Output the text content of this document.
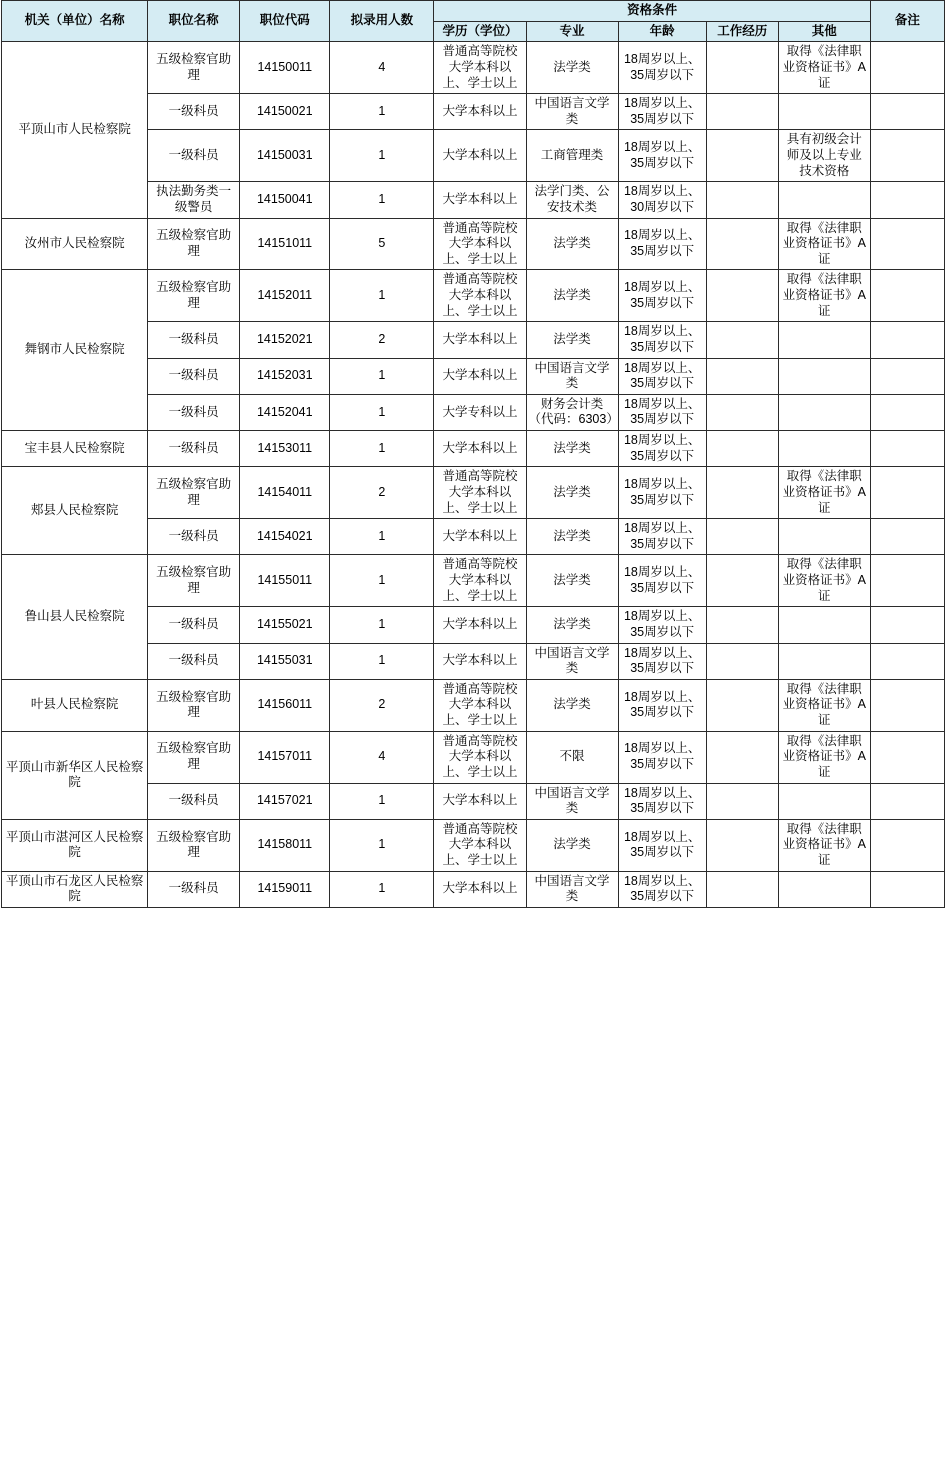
机关（单位）名称	职位名称	职位代码	拟录用人数	资格条件					备注
				学历（学位）	专业	年龄	工作经历	其他	
平顶山市人民检察院	五级检察官助理	14150011	4	普通高等院校大学本科以上、学士以上	法学类	18周岁以上、35周岁以下		取得《法律职业资格证书》A证	
	一级科员	14150021	1	大学本科以上	中国语言文学类	18周岁以上、35周岁以下			
	一级科员	14150031	1	大学本科以上	工商管理类	18周岁以上、35周岁以下		具有初级会计师及以上专业技术资格	
	执法勤务类一级警员	14150041	1	大学本科以上	法学门类、公安技术类	18周岁以上、30周岁以下			
汝州市人民检察院	五级检察官助理	14151011	5	普通高等院校大学本科以上、学士以上	法学类	18周岁以上、35周岁以下		取得《法律职业资格证书》A证	
舞钢市人民检察院	五级检察官助理	14152011	1	普通高等院校大学本科以上、学士以上	法学类	18周岁以上、35周岁以下		取得《法律职业资格证书》A证	
	一级科员	14152021	2	大学本科以上	法学类	18周岁以上、35周岁以下			
	一级科员	14152031	1	大学本科以上	中国语言文学类	18周岁以上、35周岁以下			
	一级科员	14152041	1	大学专科以上	财务会计类（代码：6303）	18周岁以上、35周岁以下			
宝丰县人民检察院	一级科员	14153011	1	大学本科以上	法学类	18周岁以上、35周岁以下			
郏县人民检察院	五级检察官助理	14154011	2	普通高等院校大学本科以上、学士以上	法学类	18周岁以上、35周岁以下		取得《法律职业资格证书》A证	
	一级科员	14154021	1	大学本科以上	法学类	18周岁以上、35周岁以下			
鲁山县人民检察院	五级检察官助理	14155011	1	普通高等院校大学本科以上、学士以上	法学类	18周岁以上、35周岁以下		取得《法律职业资格证书》A证	
	一级科员	14155021	1	大学本科以上	法学类	18周岁以上、35周岁以下			
	一级科员	14155031	1	大学本科以上	中国语言文学类	18周岁以上、35周岁以下			
叶县人民检察院	五级检察官助理	14156011	2	普通高等院校大学本科以上、学士以上	法学类	18周岁以上、35周岁以下		取得《法律职业资格证书》A证	
平顶山市新华区人民检察院	五级检察官助理	14157011	4	普通高等院校大学本科以上、学士以上	不限	18周岁以上、35周岁以下		取得《法律职业资格证书》A证	
	一级科员	14157021	1	大学本科以上	中国语言文学类	18周岁以上、35周岁以下			
平顶山市湛河区人民检察院	五级检察官助理	14158011	1	普通高等院校大学本科以上、学士以上	法学类	18周岁以上、35周岁以下		取得《法律职业资格证书》A证	
平顶山市石龙区人民检察院	一级科员	14159011	1	大学本科以上	中国语言文学类	18周岁以上、35周岁以下			
